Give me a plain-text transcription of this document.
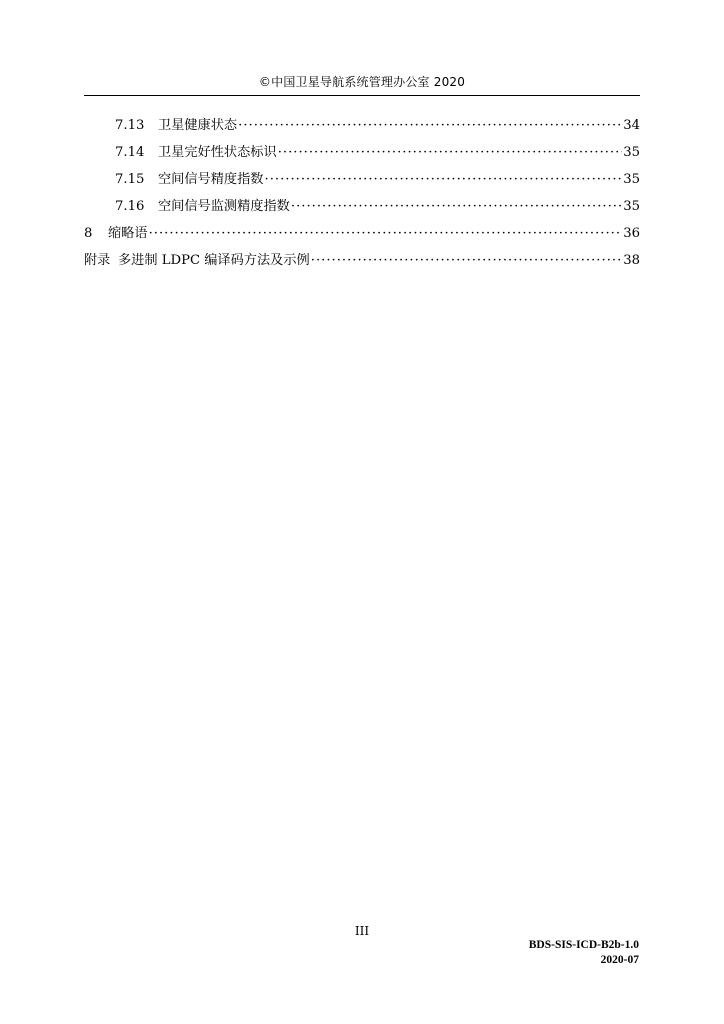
©中国卫星导航系统管理办公室 2020
7.13	卫星健康状态 ·····	34
7.14	卫星完好性状态标识 ·····	35
7.15	空间信号精度指数 ·····	35
7.16	空间信号监测精度指数 ·····	35
8	缩略语 ·····	36
附录 多进制 LDPC 编译码方法及示例 ·····	38
III
BDS-SIS-ICD-B2b-1.0
2020-07
